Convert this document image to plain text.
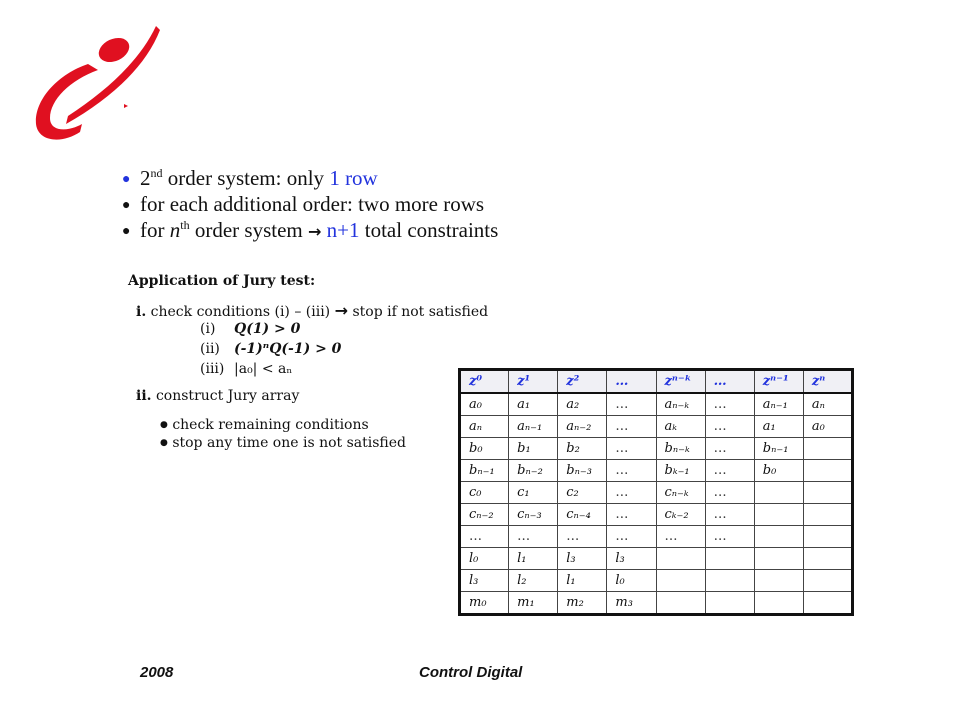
● 2nd order system: only 1 row
● for each additional order: two more rows
● for $n^{th}$ order system → n+1 total constraints
Application of Jury test:
i. check conditions (i) – (iii) → stop if not satisfied
(i) Q(1) > 0
(ii) (-1)ⁿQ(-1) > 0
(iii) |a₀| < aₙ
ii. construct Jury array
● check remaining conditions
● stop any time one is not satisfied
z⁰	z¹	z²	…	zⁿ⁻ᵏ	…	zⁿ⁻¹	zⁿ
a₀	a₁	a₂	…	aₙ₋ₖ	…	aₙ₋₁	aₙ
aₙ	aₙ₋₁	aₙ₋₂	…	aₖ	…	a₁	a₀
b₀	b₁	b₂	…	bₙ₋ₖ	…	bₙ₋₁	
bₙ₋₁	bₙ₋₂	bₙ₋₃	…	bₖ₋₁	…	b₀	
c₀	c₁	c₂	…	cₙ₋ₖ	…		
cₙ₋₂	cₙ₋₃	cₙ₋₄	…	cₖ₋₂	…		
…	…	…	…	…	…		
l₀	l₁	l₃	l₃				
l₃	l₂	l₁	l₀				
m₀	m₁	m₂	m₃				
2008	Control Digital
